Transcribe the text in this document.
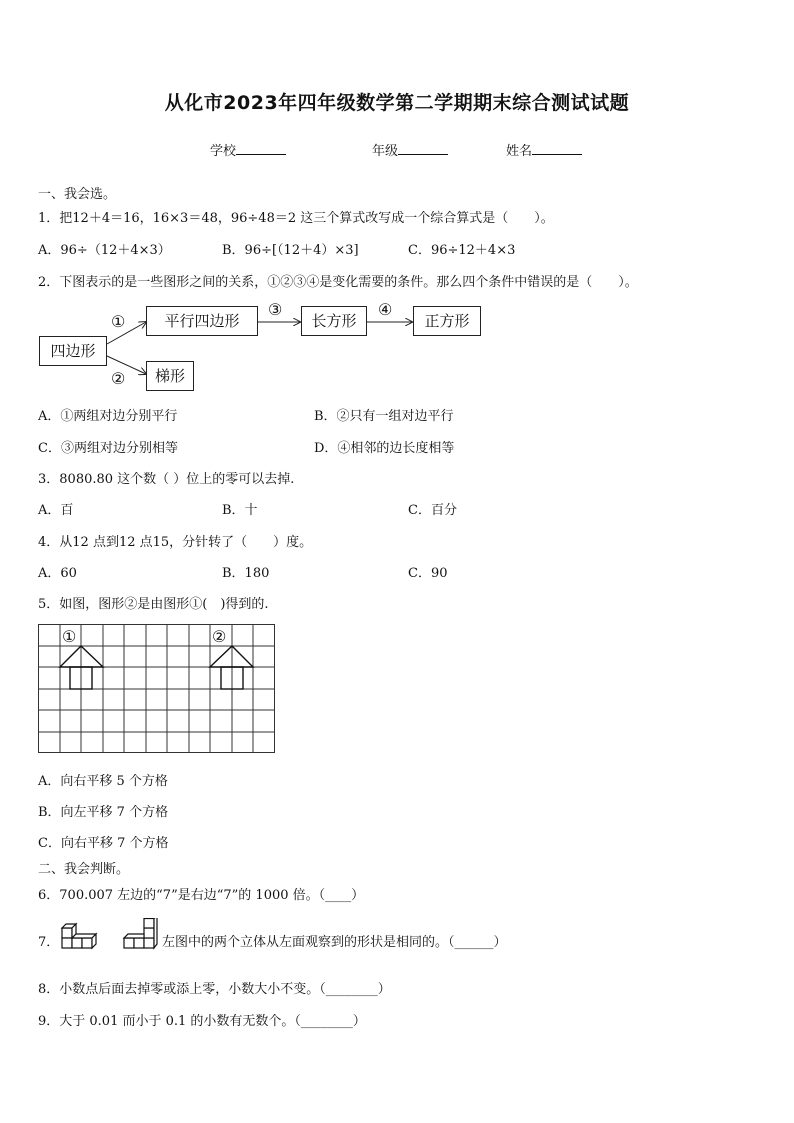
从化市2023年四年级数学第二学期期末综合测试试题
学校	年级	姓名
一、我会选。
1．把12＋4＝16，16×3＝48，96÷48＝2 这三个算式改写成一个综合算式是（　　）。
A．96÷（12＋4×3）	B．96÷[（12＋4）×3]	C．96÷12＋4×3
2．下图表示的是一些图形之间的关系，①②③④是变化需要的条件。那么四个条件中错误的是（　　）。
四边形
平行四边形	长方形	正方形
梯形
①
②
③	④
A．①两组对边分别平行	B．②只有一组对边平行
C．③两组对边分别相等	D．④相邻的边长度相等
3．8080.80 这个数（ ）位上的零可以去掉.
A．百	B．十	C．百分
4．从12 点到12 点15，分针转了（　　）度。
A．60	B．180	C．90
5．如图，图形②是由图形①(　)得到的.
①	②
A．向右平移 5 个方格
B．向左平移 7 个方格
C．向右平移 7 个方格
二、我会判断。
6．700.007 左边的“7”是右边“7”的 1000 倍。（____）
7．	左图中的两个立体从左面观察到的形状是相同的。（______）
8．小数点后面去掉零或添上零，小数大小不变。（________）
9．大于 0.01 而小于 0.1 的小数有无数个。（________）
